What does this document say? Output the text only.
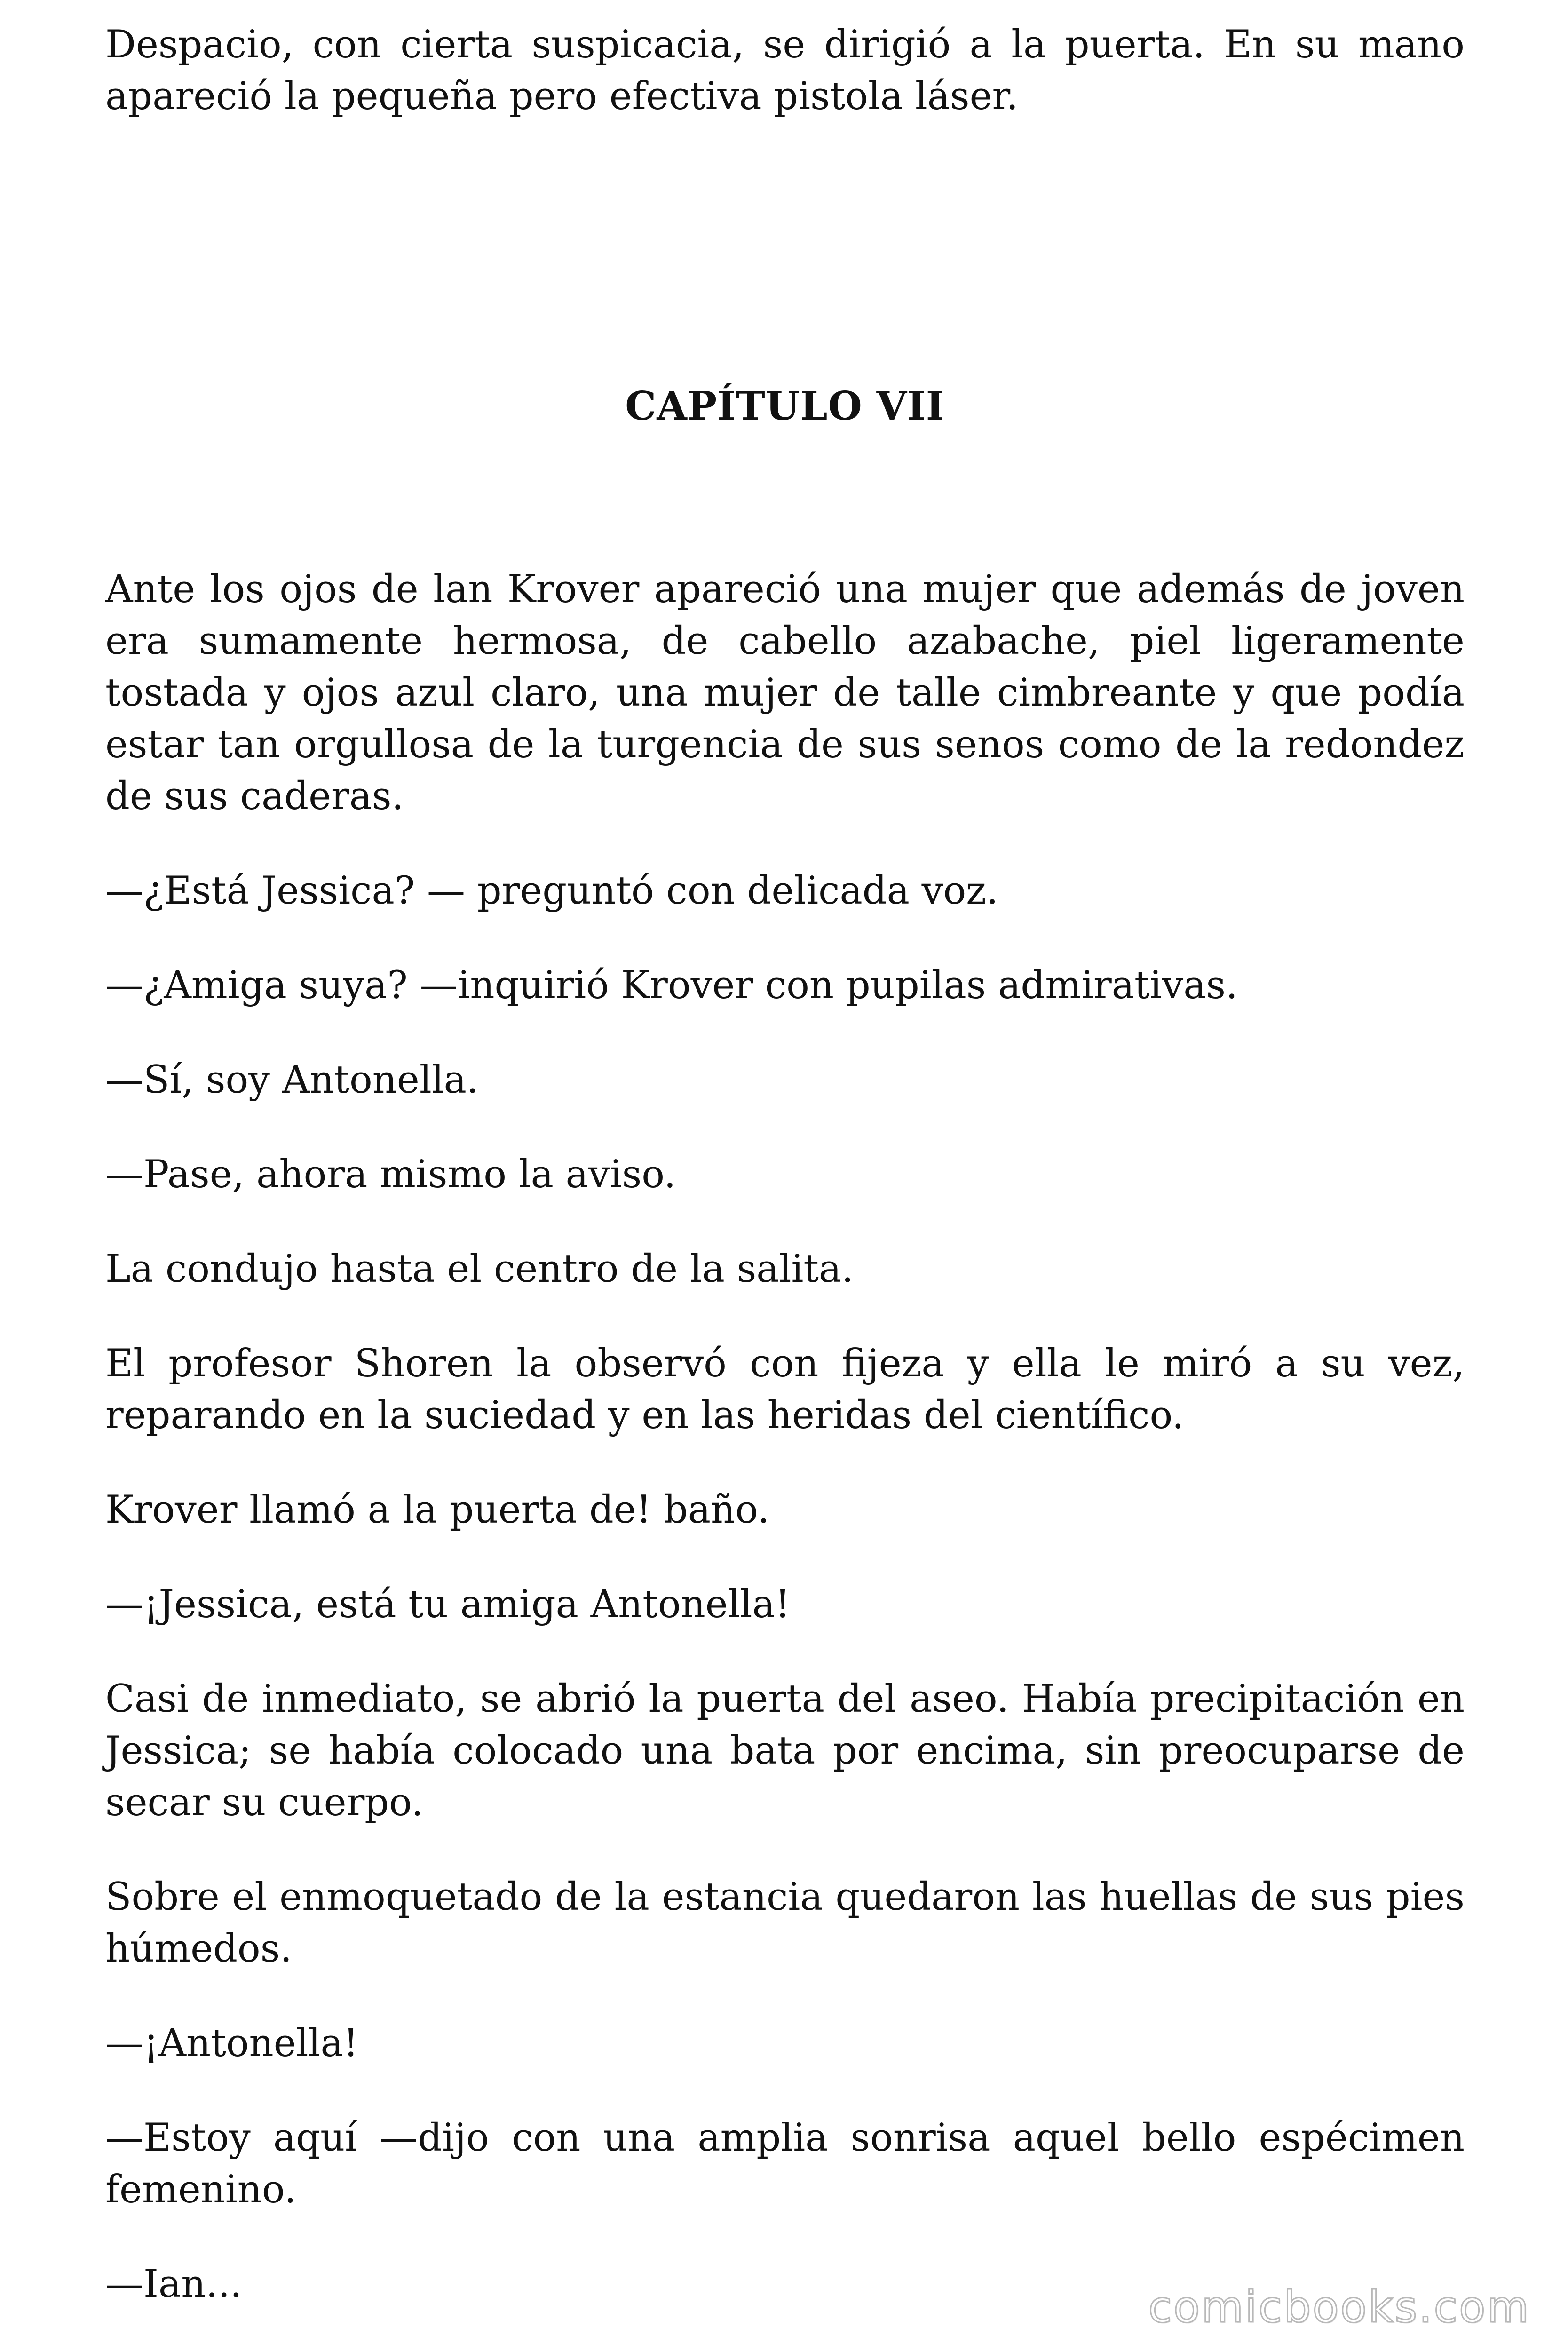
Despacio, con cierta suspicacia, se dirigió a la puerta. En su mano apareció la pequeña pero efectiva pistola láser.

CAPÍTULO VII

Ante los ojos de lan Krover apareció una mujer que además de joven era sumamente hermosa, de cabello azabache, piel ligeramente tostada y ojos azul claro, una mujer de talle cimbreante y que podía estar tan orgullosa de la turgencia de sus senos como de la redondez de sus caderas.

—¿Está Jessica? — preguntó con delicada voz.

—¿Amiga suya? —inquirió Krover con pupilas admirativas.

—Sí, soy Antonella.

—Pase, ahora mismo la aviso.

La condujo hasta el centro de la salita.

El profesor Shoren la observó con fijeza y ella le miró a su vez, reparando en la suciedad y en las heridas del científico.

Krover llamó a la puerta de! baño.

—¡Jessica, está tu amiga Antonella!

Casi de inmediato, se abrió la puerta del aseo. Había precipitación en Jessica; se había colocado una bata por encima, sin preocuparse de secar su cuerpo.

Sobre el enmoquetado de la estancia quedaron las huellas de sus pies húmedos.

—¡Antonella!

—Estoy aquí —dijo con una amplia sonrisa aquel bello espécimen femenino.

—Ian...	comicbooks.com
